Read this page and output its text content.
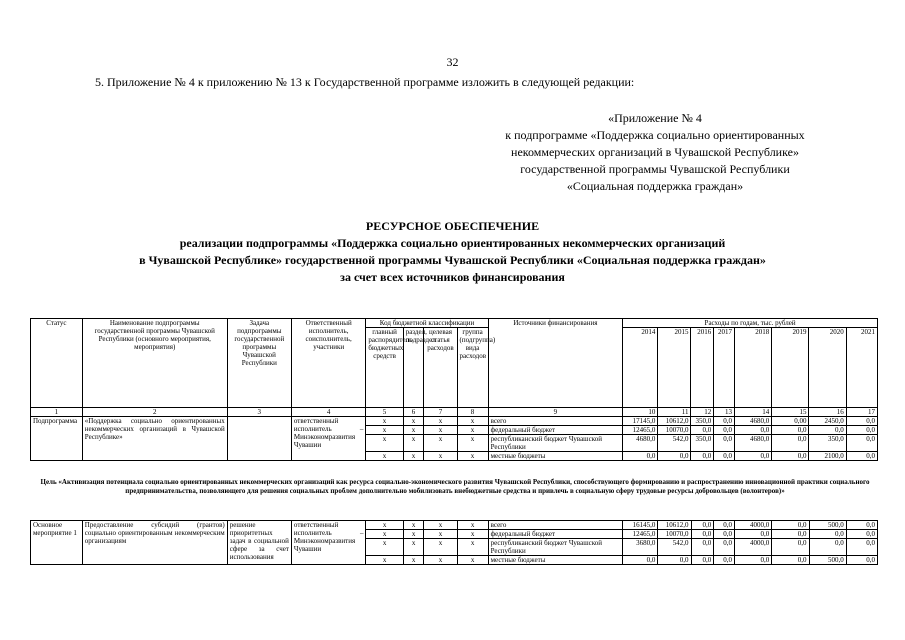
32
5. Приложение № 4 к приложению № 13 к Государственной программе изложить в следующей редакции:
«Приложение № 4
к подпрограмме «Поддержка социально ориентированных
некоммерческих организаций в Чувашской Республике»
государственной программы Чувашской Республики
«Социальная поддержка граждан»
РЕСУРСНОЕ ОБЕСПЕЧЕНИЕ
реализации подпрограммы «Поддержка социально ориентированных некоммерческих организаций
в Чувашской Республике» государственной программы Чувашской Республики «Социальная поддержка граждан»
за счет всех источников финансирования
Статус	Наименование подпрограммы государственной программы Чувашской Республики (основного мероприятия, мероприятия)	Задача подпрограммы государственной программы Чувашской Республики	Ответственный исполнитель, соисполнитель, участники	Код бюджетной классификации				Источники финансирования	Расходы по годам, тыс. рублей							
				главный распорядитель бюджетных средств	раздел, подраздел	целевая статья расходов	группа (подгруппа) вида расходов		2014	2015	2016	2017	2018	2019	2020	2021
1	2	3	4	5	6	7	8	9	10	11	12	13	14	15	16	17
Подпрограмма	«Поддержка социально ориентированных некоммерческих организаций в Чувашской Республике»		ответственный исполнитель – Минэкономразвития Чувашии	x	x	x	x	всего	17145,0	10612,0	350,0	0,0	4680,0	0,00	2450,0	0,0
				x	x	x	x	федеральный бюджет	12465,0	10070,0	0,0	0,0	0,0	0,0	0,0	0,0
				x	x	x	x	республиканский бюджет Чувашской Республики	4680,0	542,0	350,0	0,0	4680,0	0,0	350,0	0,0
				x	x	x	x	местные бюджеты	0,0	0,0	0,0	0,0	0,0	0,0	2100,0	0,0
Цель «Активизация потенциала социально ориентированных некоммерческих организаций как ресурса социально-экономического развития Чувашской Республики, способствующего формированию и распространению инновационной практики социального предпринимательства, позволяющего для решения социальных проблем дополнительно мобилизовать внебюджетные средства и привлечь в социальную сферу трудовые ресурсы добровольцев (волонтеров)»
Основное мероприятие 1	Предоставление субсидий (грантов) социально ориентированным некоммерческим организациям	решение приоритетных задач в социальной сфере за счет использования	ответственный исполнитель – Минэкономразвития Чувашии	x	x	x	x	всего	16145,0	10612,0	0,0	0,0	4000,0	0,0	500,0	0,0
				x	x	x	x	федеральный бюджет	12465,0	10070,0	0,0	0,0	0,0	0,0	0,0	0,0
				x	x	x	x	республиканский бюджет Чувашской Республики	3680,0	542,0	0,0	0,0	4000,0	0,0	0,0	0,0
				x	x	x	x	местные бюджеты	0,0	0,0	0,0	0,0	0,0	0,0	500,0	0,0
